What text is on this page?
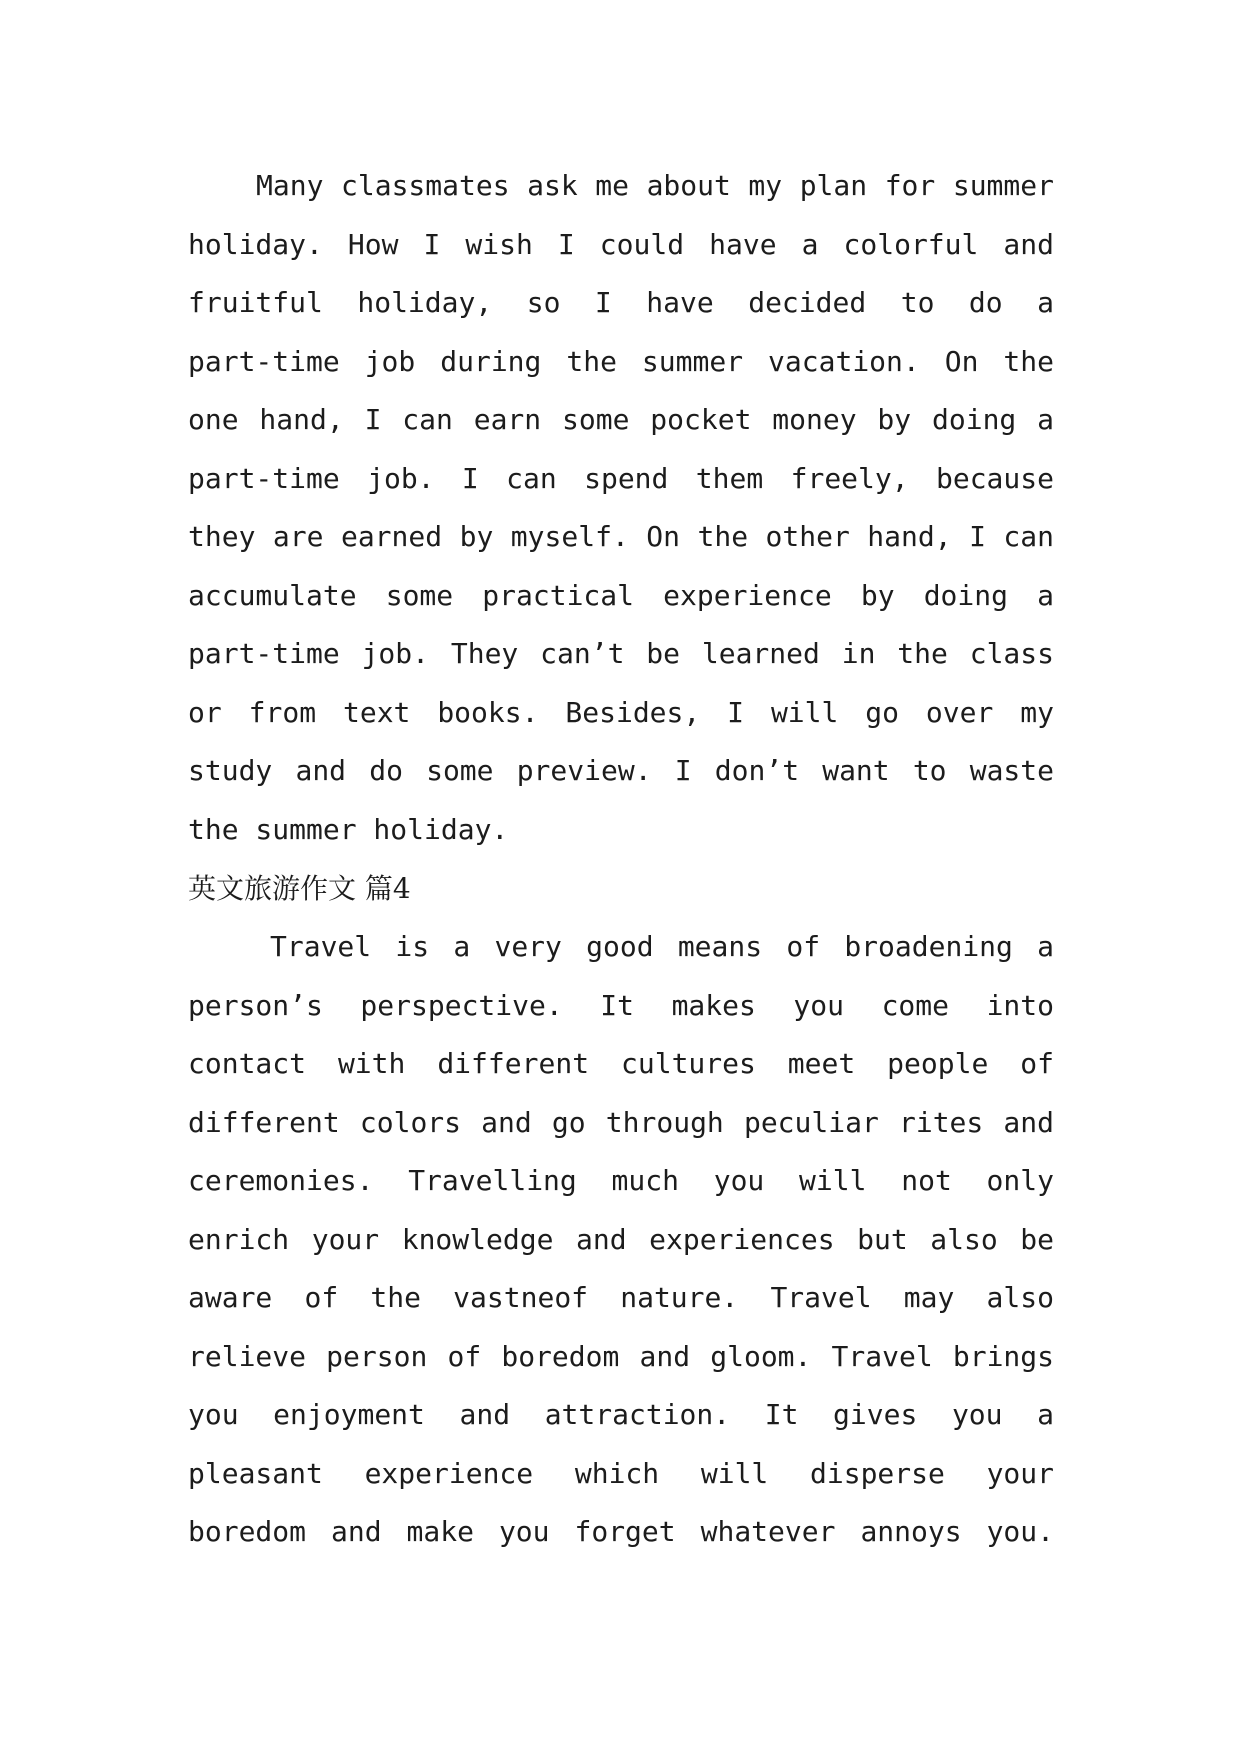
Many classmates ask me about my plan for summer
holiday. How I wish I could have a colorful and
fruitful holiday, so I have decided to do a
part-time job during the summer vacation. On the
one hand, I can earn some pocket money by doing a
part-time job. I can spend them freely, because
they are earned by myself. On the other hand, I can
accumulate some practical experience by doing a
part-time job. They can’t be learned in the class
or from text books. Besides, I will go over my
study and do some preview. I don’t want to waste
the summer holiday.
英文旅游作文 篇4
Travel is a very good means of broadening a
person’s perspective. It makes you come into
contact with different cultures meet people of
different colors and go through peculiar rites and
ceremonies. Travelling much you will not only
enrich your knowledge and experiences but also be
aware of the vastneof nature. Travel may also
relieve person of boredom and gloom. Travel brings
you enjoyment and attraction. It gives you a
pleasant experience which will disperse your
boredom and make you forget whatever annoys you.
